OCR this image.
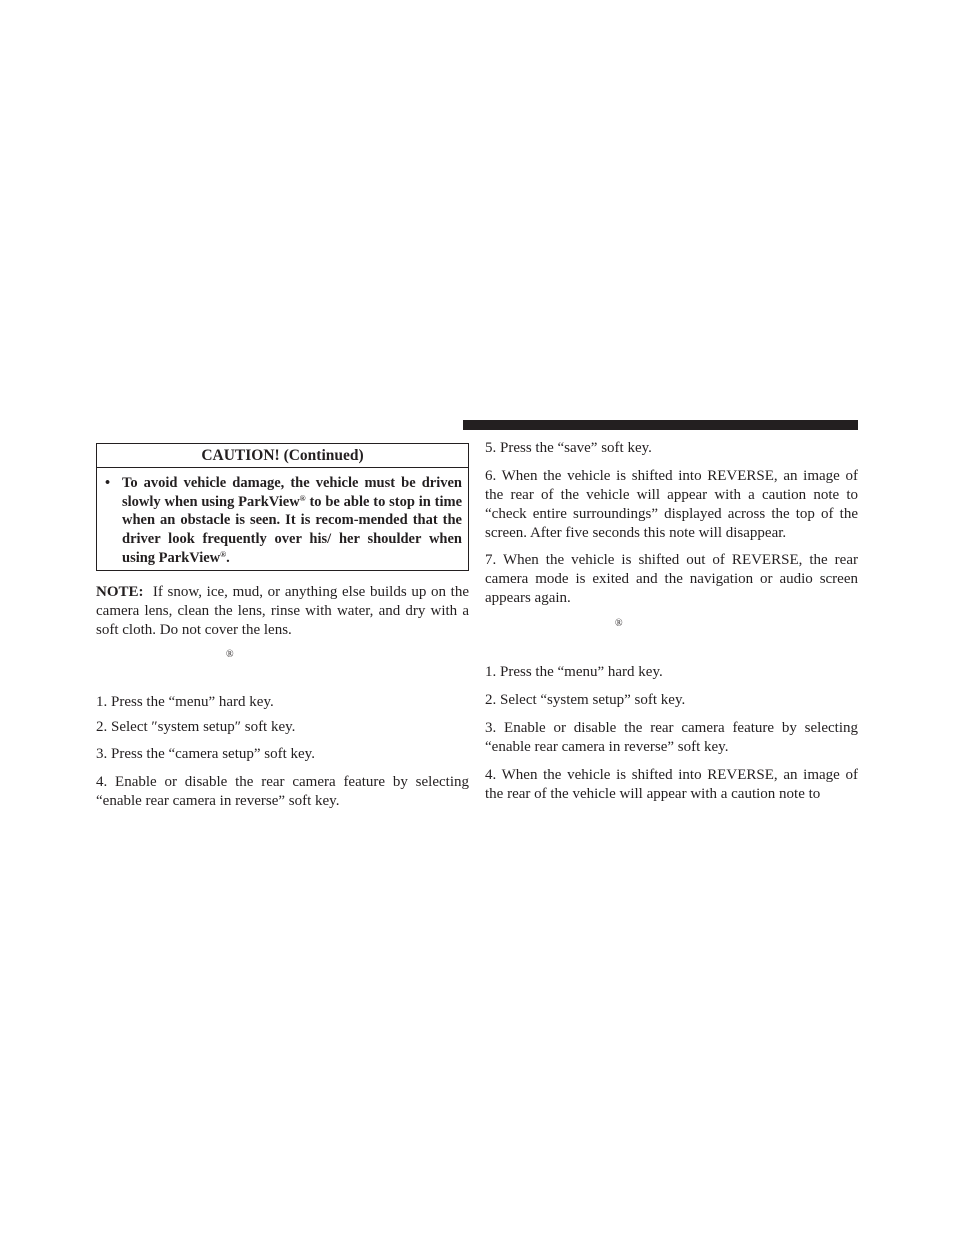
CAUTION! (Continued)
• To avoid vehicle damage, the vehicle must be driven slowly when using ParkView® to be able to stop in time when an obstacle is seen. It is recom-mended that the driver look frequently over his/ her shoulder when using ParkView®.

NOTE: If snow, ice, mud, or anything else builds up on the camera lens, clean the lens, rinse with water, and dry with a soft cloth. Do not cover the lens.

®
1. Press the “menu” hard key.
2. Select ″system setup″ soft key.
3. Press the “camera setup” soft key.
4. Enable or disable the rear camera feature by selecting “enable rear camera in reverse” soft key.
5. Press the “save” soft key.
6. When the vehicle is shifted into REVERSE, an image of the rear of the vehicle will appear with a caution note to “check entire surroundings” displayed across the top of the screen. After five seconds this note will disappear.
7. When the vehicle is shifted out of REVERSE, the rear camera mode is exited and the navigation or audio screen appears again.
®
1. Press the “menu” hard key.
2. Select “system setup” soft key.
3. Enable or disable the rear camera feature by selecting “enable rear camera in reverse” soft key.
4. When the vehicle is shifted into REVERSE, an image of the rear of the vehicle will appear with a caution note to
